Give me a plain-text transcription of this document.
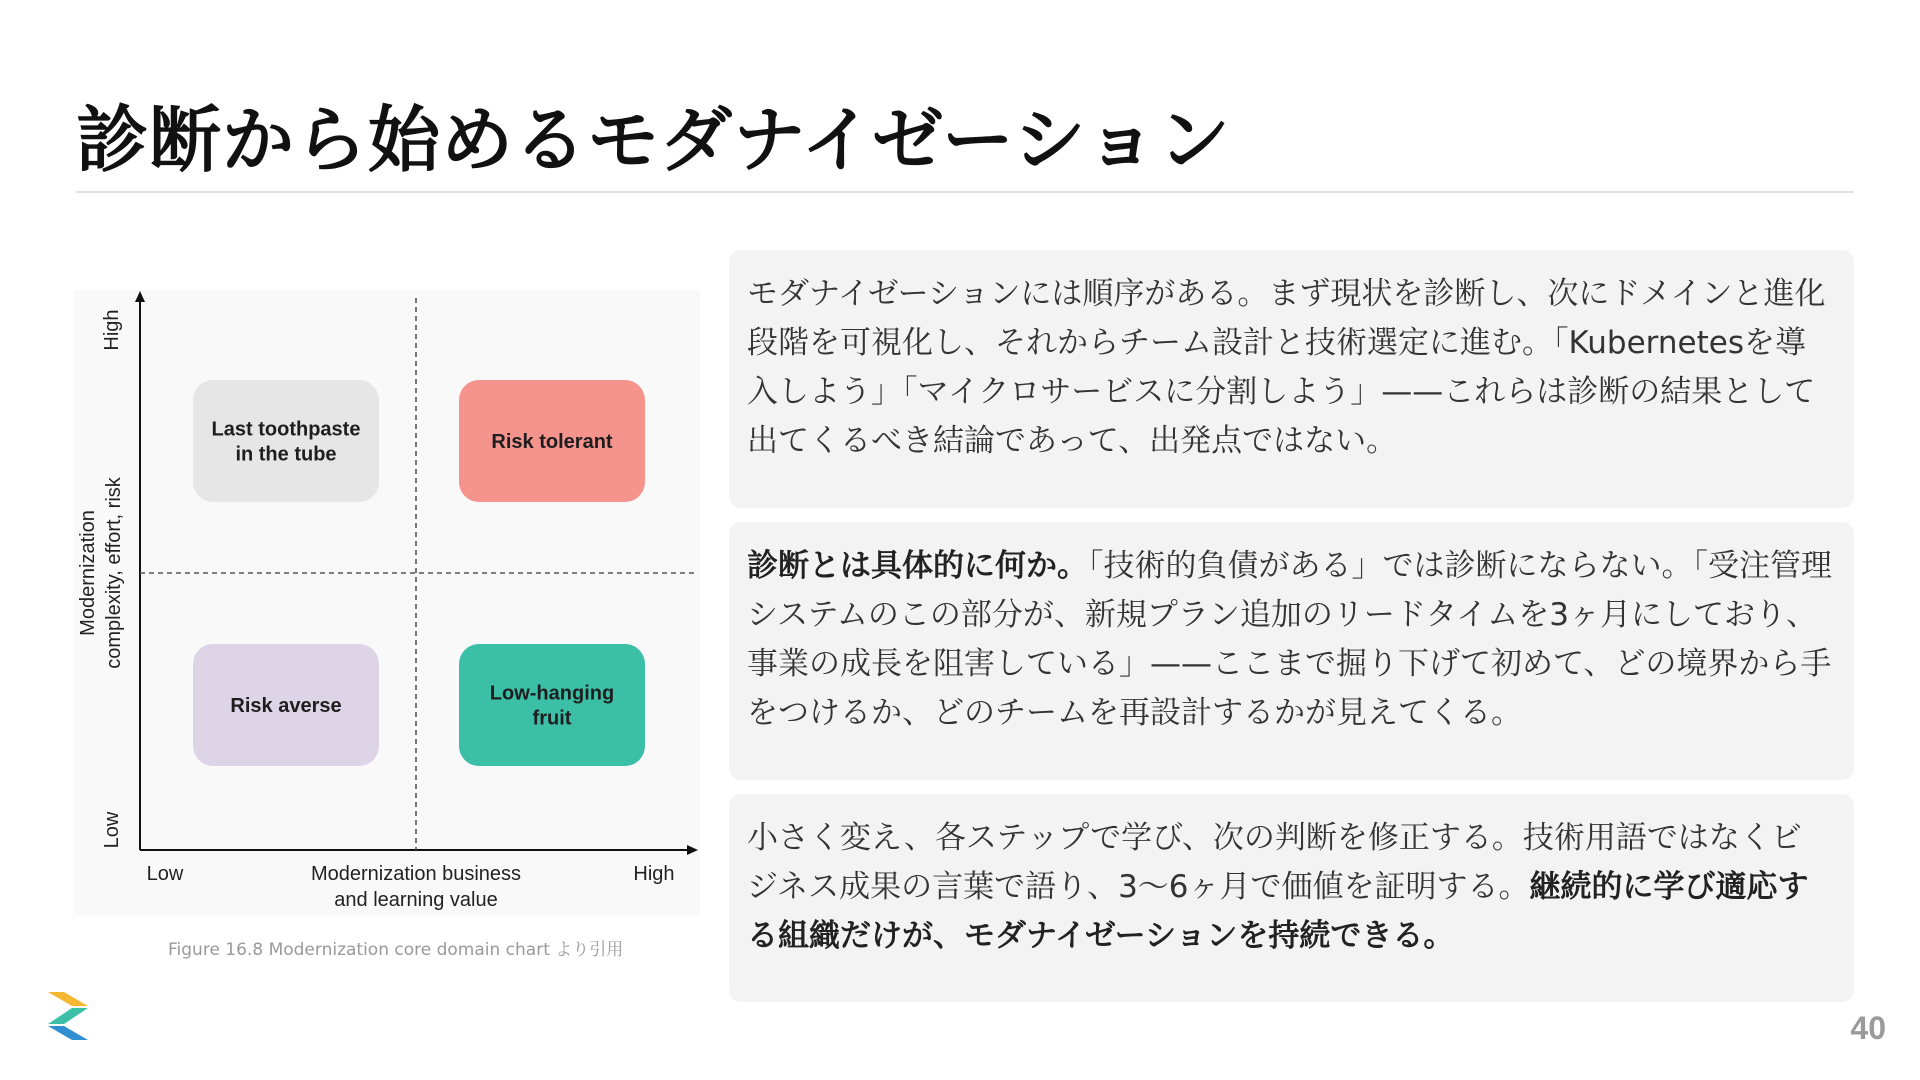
診断から始めるモダナイゼーション
Last toothpaste
in the tube
Risk tolerant
Risk averse
Low-hanging
fruit
Low	High
Modernization business
and learning value
High
Low
Modernization complexity, effort, risk
Figure 16.8 Modernization core domain chart より引用

モダナイゼーションには順序がある。まず現状を診断し、次にドメインと進化段階を可視化し、それからチーム設計と技術選定に進む。「Kubernetesを導入しよう」「マイクロサービスに分割しよう」——これらは診断の結果として出てくるべき結論であって、出発点ではない。

診断とは具体的に何か。「技術的負債がある」では診断にならない。「受注管理システムのこの部分が、新規プラン追加のリードタイムを3ヶ月にしており、事業の成長を阻害している」——ここまで掘り下げて初めて、どの境界から手をつけるか、どのチームを再設計するかが見えてくる。

小さく変え、各ステップで学び、次の判断を修正する。技術用語ではなくビジネス成果の言葉で語り、3〜6ヶ月で価値を証明する。継続的に学び適応する組織だけが、モダナイゼーションを持続できる。

40
